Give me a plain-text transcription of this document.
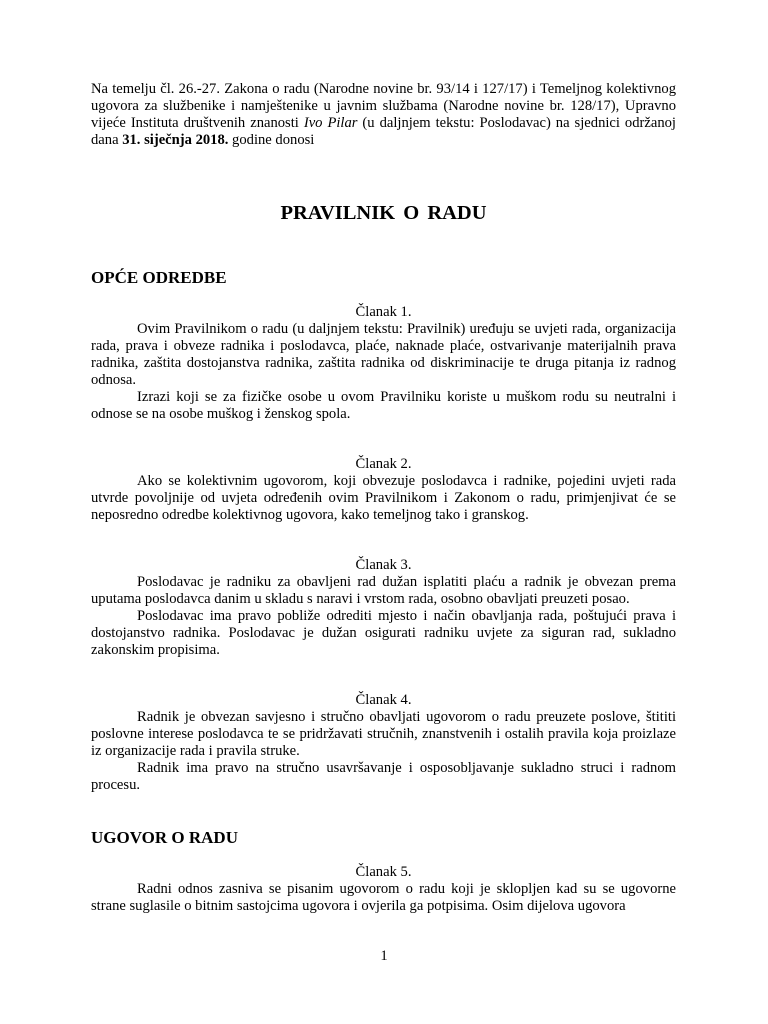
Na temelju čl. 26.-27. Zakona o radu (Narodne novine br. 93/14 i 127/17) i Temeljnog kolektivnog ugovora za službenike i namještenike u javnim službama (Narodne novine br. 128/17), Upravno vijeće Instituta društvenih znanosti Ivo Pilar (u daljnjem tekstu: Poslodavac) na sjednici održanoj dana 31. siječnja 2018. godine donosi

PRAVILNIK O RADU
OPĆE ODREDBE
Članak 1.

Ovim Pravilnikom o radu (u daljnjem tekstu: Pravilnik) uređuju se uvjeti rada, organizacija rada, prava i obveze radnika i poslodavca, plaće, naknade plaće, ostvarivanje materijalnih prava radnika, zaštita dostojanstva radnika, zaštita radnika od diskriminacije te druga pitanja iz radnog odnosa.

Izrazi koji se za fizičke osobe u ovom Pravilniku koriste u muškom rodu su neutralni i odnose se na osobe muškog i ženskog spola.

Članak 2.

Ako se kolektivnim ugovorom, koji obvezuje poslodavca i radnike, pojedini uvjeti rada utvrde povoljnije od uvjeta određenih ovim Pravilnikom i Zakonom o radu, primjenjivat će se neposredno odredbe kolektivnog ugovora, kako temeljnog tako i granskog.

Članak 3.

Poslodavac je radniku za obavljeni rad dužan isplatiti plaću a radnik je obvezan prema uputama poslodavca danim u skladu s naravi i vrstom rada, osobno obavljati preuzeti posao.

Poslodavac ima pravo pobliže odrediti mjesto i način obavljanja rada, poštujući prava i dostojanstvo radnika. Poslodavac je dužan osigurati radniku uvjete za siguran rad, sukladno zakonskim propisima.

Članak 4.

Radnik je obvezan savjesno i stručno obavljati ugovorom o radu preuzete poslove, štititi poslovne interese poslodavca te se pridržavati stručnih, znanstvenih i ostalih pravila koja proizlaze iz organizacije rada i pravila struke.

Radnik ima pravo na stručno usavršavanje i osposobljavanje sukladno struci i radnom procesu.

UGOVOR O RADU
Članak 5.

Radni odnos zasniva se pisanim ugovorom o radu koji je sklopljen kad su se ugovorne strane suglasile o bitnim sastojcima ugovora i ovjerila ga potpisima. Osim dijelova ugovora

1
